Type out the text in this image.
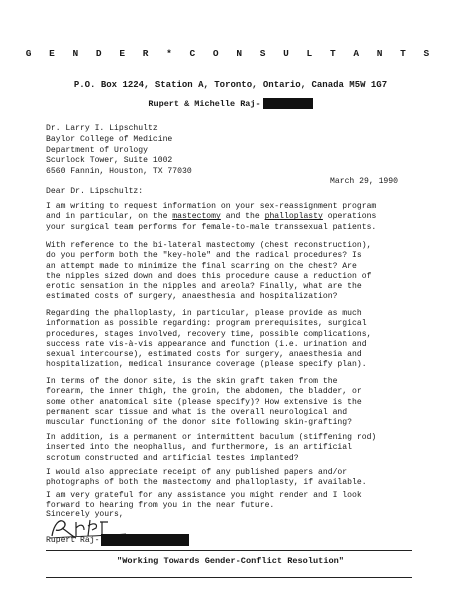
G E N D E R * C O N S U L T A N T S
P.O. Box 1224, Station A, Toronto, Ontario, Canada M5W 1G7
Rupert & Michelle Raj-
Dr. Larry I. Lipschultz
Baylor College of Medicine
Department of Urology
Scurlock Tower, Suite 1002
6560 Fannin, Houston, TX 77030
March 29, 1990
Dear Dr. Lipschultz:
I am writing to request information on your sex-reassignment program
and in particular, on the mastectomy and the phalloplasty operations
your surgical team performs for female-to-male transsexual patients.
With reference to the bi-lateral mastectomy (chest reconstruction),
do you perform both the "key-hole" and the radical procedures? Is
an attempt made to minimize the final scarring on the chest? Are
the nipples sized down and does this procedure cause a reduction of
erotic sensation in the nipples and areola? Finally, what are the
estimated costs of surgery, anaesthesia and hospitalization?
Regarding the phalloplasty, in particular, please provide as much
information as possible regarding: program prerequisites, surgical
procedures, stages involved, recovery time, possible complications,
success rate vis-à-vis appearance and function (i.e. urination and
sexual intercourse), estimated costs for surgery, anaesthesia and
hospitalization, medical insurance coverage (please specify plan).
In terms of the donor site, is the skin graft taken from the
forearm, the inner thigh, the groin, the abdomen, the bladder, or
some other anatomical site (please specify)? How extensive is the
permanent scar tissue and what is the overall neurological and
muscular functioning of the donor site following skin-grafting?
In addition, is a permanent or intermittent baculum (stiffening rod)
inserted into the neophallus, and furthermore, is an artificial
scrotum constructed and artificial testes implanted?
I would also appreciate receipt of any published papers and/or
photographs of both the mastectomy and phalloplasty, if available.
I am very grateful for any assistance you might render and I look
forward to hearing from you in the near future.
Sincerely yours,
Rupert Raj-
"Working Towards Gender-Conflict Resolution"
